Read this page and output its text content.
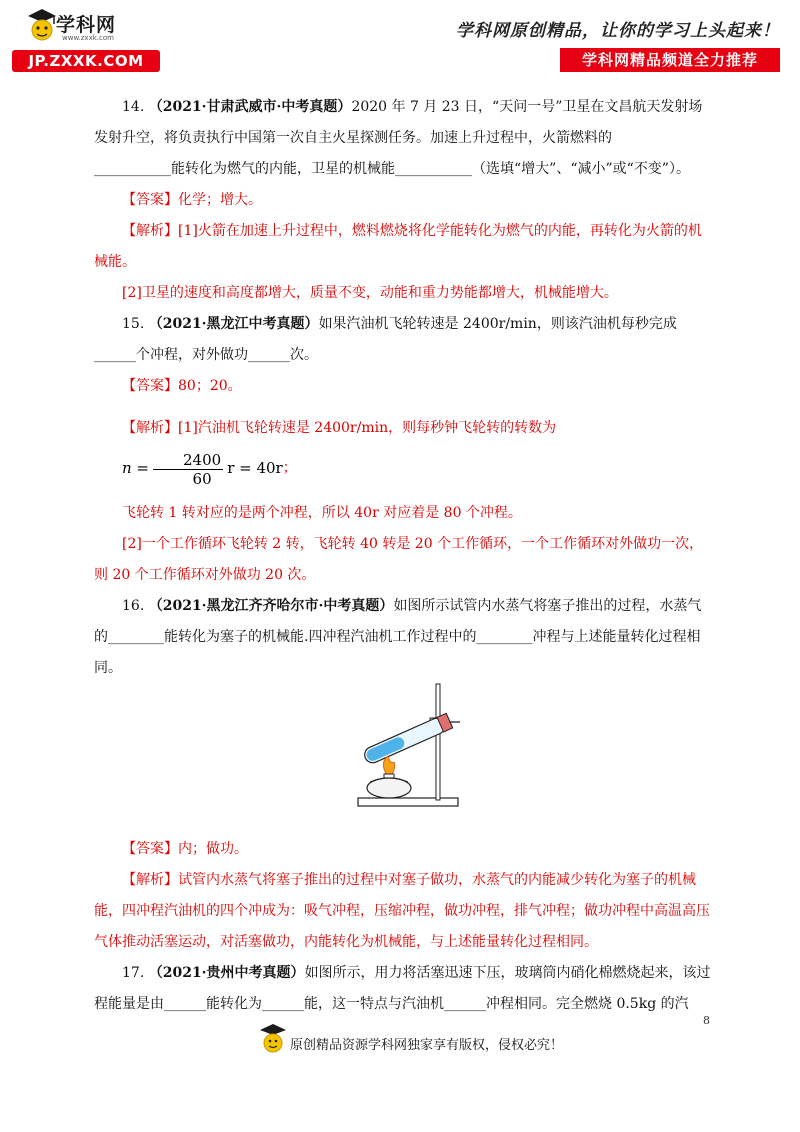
学科网
www.zxxk.com
JP.ZXXK.COM
学科网原创精品，让你的学习上头起来！
学科网精品频道全力推荐

14. （2021·甘肃武威市·中考真题）2020 年 7 月 23 日，“天问一号”卫星在文昌航天发射场发射升空，将负责执行中国第一次自主火星探测任务。加速上升过程中，火箭燃料的

___________能转化为燃气的内能，卫星的机械能___________（选填“增大”、“减小”或“不变”）。

【答案】化学；增大。

【解析】[1]火箭在加速上升过程中，燃料燃烧将化学能转化为燃气的内能，再转化为火箭的机械能。

[2]卫星的速度和高度都增大，质量不变，动能和重力势能都增大，机械能增大。

15. （2021·黑龙江中考真题）如果汽油机飞轮转速是 2400r/min，则该汽油机每秒完成

______个冲程，对外做功______次。

【答案】80；20。

【解析】[1]汽油机飞轮转速是 2400r/min，则每秒钟飞轮转的转数为 $n = \frac{2400}{60}$ r = 40r；

飞轮转 1 转对应的是两个冲程，所以 40r 对应着是 80 个冲程。

[2]一个工作循环飞轮转 2 转，飞轮转 40 转是 20 个工作循环，一个工作循环对外做功一次，则 20 个工作循环对外做功 20 次。

16. （2021·黑龙江齐齐哈尔市·中考真题）如图所示试管内水蒸气将塞子推出的过程，水蒸气的________能转化为塞子的机械能.四冲程汽油机工作过程中的________冲程与上述能量转化过程相同。

【答案】内；做功。

【解析】试管内水蒸气将塞子推出的过程中对塞子做功，水蒸气的内能减少转化为塞子的机械能，四冲程汽油机的四个冲成为：吸气冲程，压缩冲程，做功冲程，排气冲程；做功冲程中高温高压气体推动活塞运动，对活塞做功，内能转化为机械能，与上述能量转化过程相同。

17. （2021·贵州中考真题）如图所示，用力将活塞迅速下压，玻璃筒内硝化棉燃烧起来，该过程能量是由______能转化为______能，这一特点与汽油机______冲程相同。完全燃烧 0.5kg 的汽

8
原创精品资源学科网独家享有版权，侵权必究！
